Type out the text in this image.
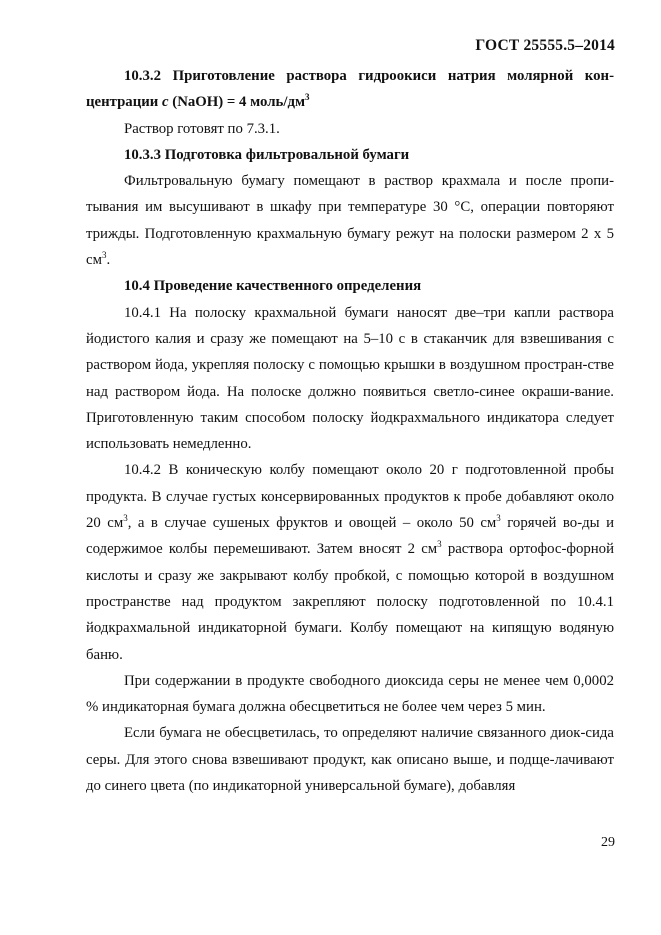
ГОСТ 25555.5–2014

10.3.2 Приготовление раствора гидроокиси натрия молярной кон-центрации с (NaOH) = 4 моль/$дм^3$

Раствор готовят по 7.3.1.

10.3.3 Подготовка фильтровальной бумаги

Фильтровальную бумагу помещают в раствор крахмала и после пропи-тывания им высушивают в шкафу при температуре 30 °С, операции повторяют трижды. Подготовленную крахмальную бумагу режут на полоски размером 2 х 5 $см^3$.

10.4 Проведение качественного определения

10.4.1 На полоску крахмальной бумаги наносят две–три капли раствора йодистого калия и сразу же помещают на 5–10 с в стаканчик для взвешивания с раствором йода, укрепляя полоску с помощью крышки в воздушном простран-стве над раствором йода. На полоске должно появиться светло-синее окраши-вание. Приготовленную таким способом полоску йодкрахмального индикатора следует использовать немедленно.

10.4.2 В коническую колбу помещают около 20 г подготовленной пробы продукта. В случае густых консервированных продуктов к пробе добавляют около 20 $см^3$, а в случае сушеных фруктов и овощей – около 50 $см^3$ горячей во-ды и содержимое колбы перемешивают. Затем вносят 2 $см^3$ раствора ортофос-форной кислоты и сразу же закрывают колбу пробкой, с помощью которой в воздушном пространстве над продуктом закрепляют полоску подготовленной по 10.4.1 йодкрахмальной индикаторной бумаги. Колбу помещают на кипящую водяную баню.

При содержании в продукте свободного диоксида серы не менее чем 0,0002 % индикаторная бумага должна обесцветиться не более чем через 5 мин.

Если бумага не обесцветилась, то определяют наличие связанного диок-сида серы. Для этого снова взвешивают продукт, как описано выше, и подще-лачивают до синего цвета (по индикаторной универсальной бумаге), добавляя

29
